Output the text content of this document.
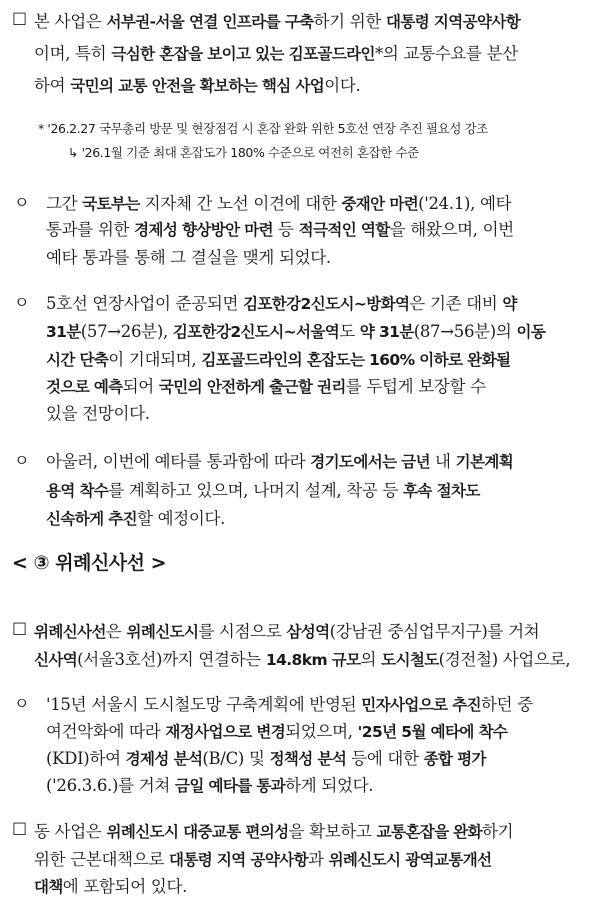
□ 본 사업은 서부권-서울 연결 인프라를 구축하기 위한 대통령 지역공약사항
이며, 특히 극심한 혼잡을 보이고 있는 김포골드라인*의 교통수요를 분산
하여 국민의 교통 안전을 확보하는 핵심 사업이다.
* '26.2.27 국무총리 방문 및 현장점검 시 혼잡 완화 위한 5호선 연장 추진 필요성 강조
↳ '26.1월 기준 최대 혼잡도가 180% 수준으로 여전히 혼잡한 수준
ㅇ 그간 국토부는 지자체 간 노선 이견에 대한 중재안 마련('24.1), 예타
통과를 위한 경제성 향상방안 마련 등 적극적인 역할을 해왔으며, 이번
예타 통과를 통해 그 결실을 맺게 되었다.
ㅇ 5호선 연장사업이 준공되면 김포한강2신도시~방화역은 기존 대비 약
31분(57→26분), 김포한강2신도시~서울역도 약 31분(87→56분)의 이동
시간 단축이 기대되며, 김포골드라인의 혼잡도는 160% 이하로 완화될
것으로 예측되어 국민의 안전하게 출근할 권리를 두텁게 보장할 수
있을 전망이다.
ㅇ 아울러, 이번에 예타를 통과함에 따라 경기도에서는 금년 내 기본계획
용역 착수를 계획하고 있으며, 나머지 설계, 착공 등 후속 절차도
신속하게 추진할 예정이다.
< ③ 위례신사선 >
□ 위례신사선은 위례신도시를 시점으로 삼성역(강남권 중심업무지구)를 거쳐
신사역(서울3호선)까지 연결하는 14.8km 규모의 도시철도(경전철) 사업으로,
ㅇ '15년 서울시 도시철도망 구축계획에 반영된 민자사업으로 추진하던 중
여건악화에 따라 재정사업으로 변경되었으며, '25년 5월 예타에 착수
(KDI)하여 경제성 분석(B/C) 및 정책성 분석 등에 대한 종합 평가
('26.3.6.)를 거쳐 금일 예타를 통과하게 되었다.
□ 동 사업은 위례신도시 대중교통 편의성을 확보하고 교통혼잡을 완화하기
위한 근본대책으로 대통령 지역 공약사항과 위례신도시 광역교통개선
대책에 포함되어 있다.
